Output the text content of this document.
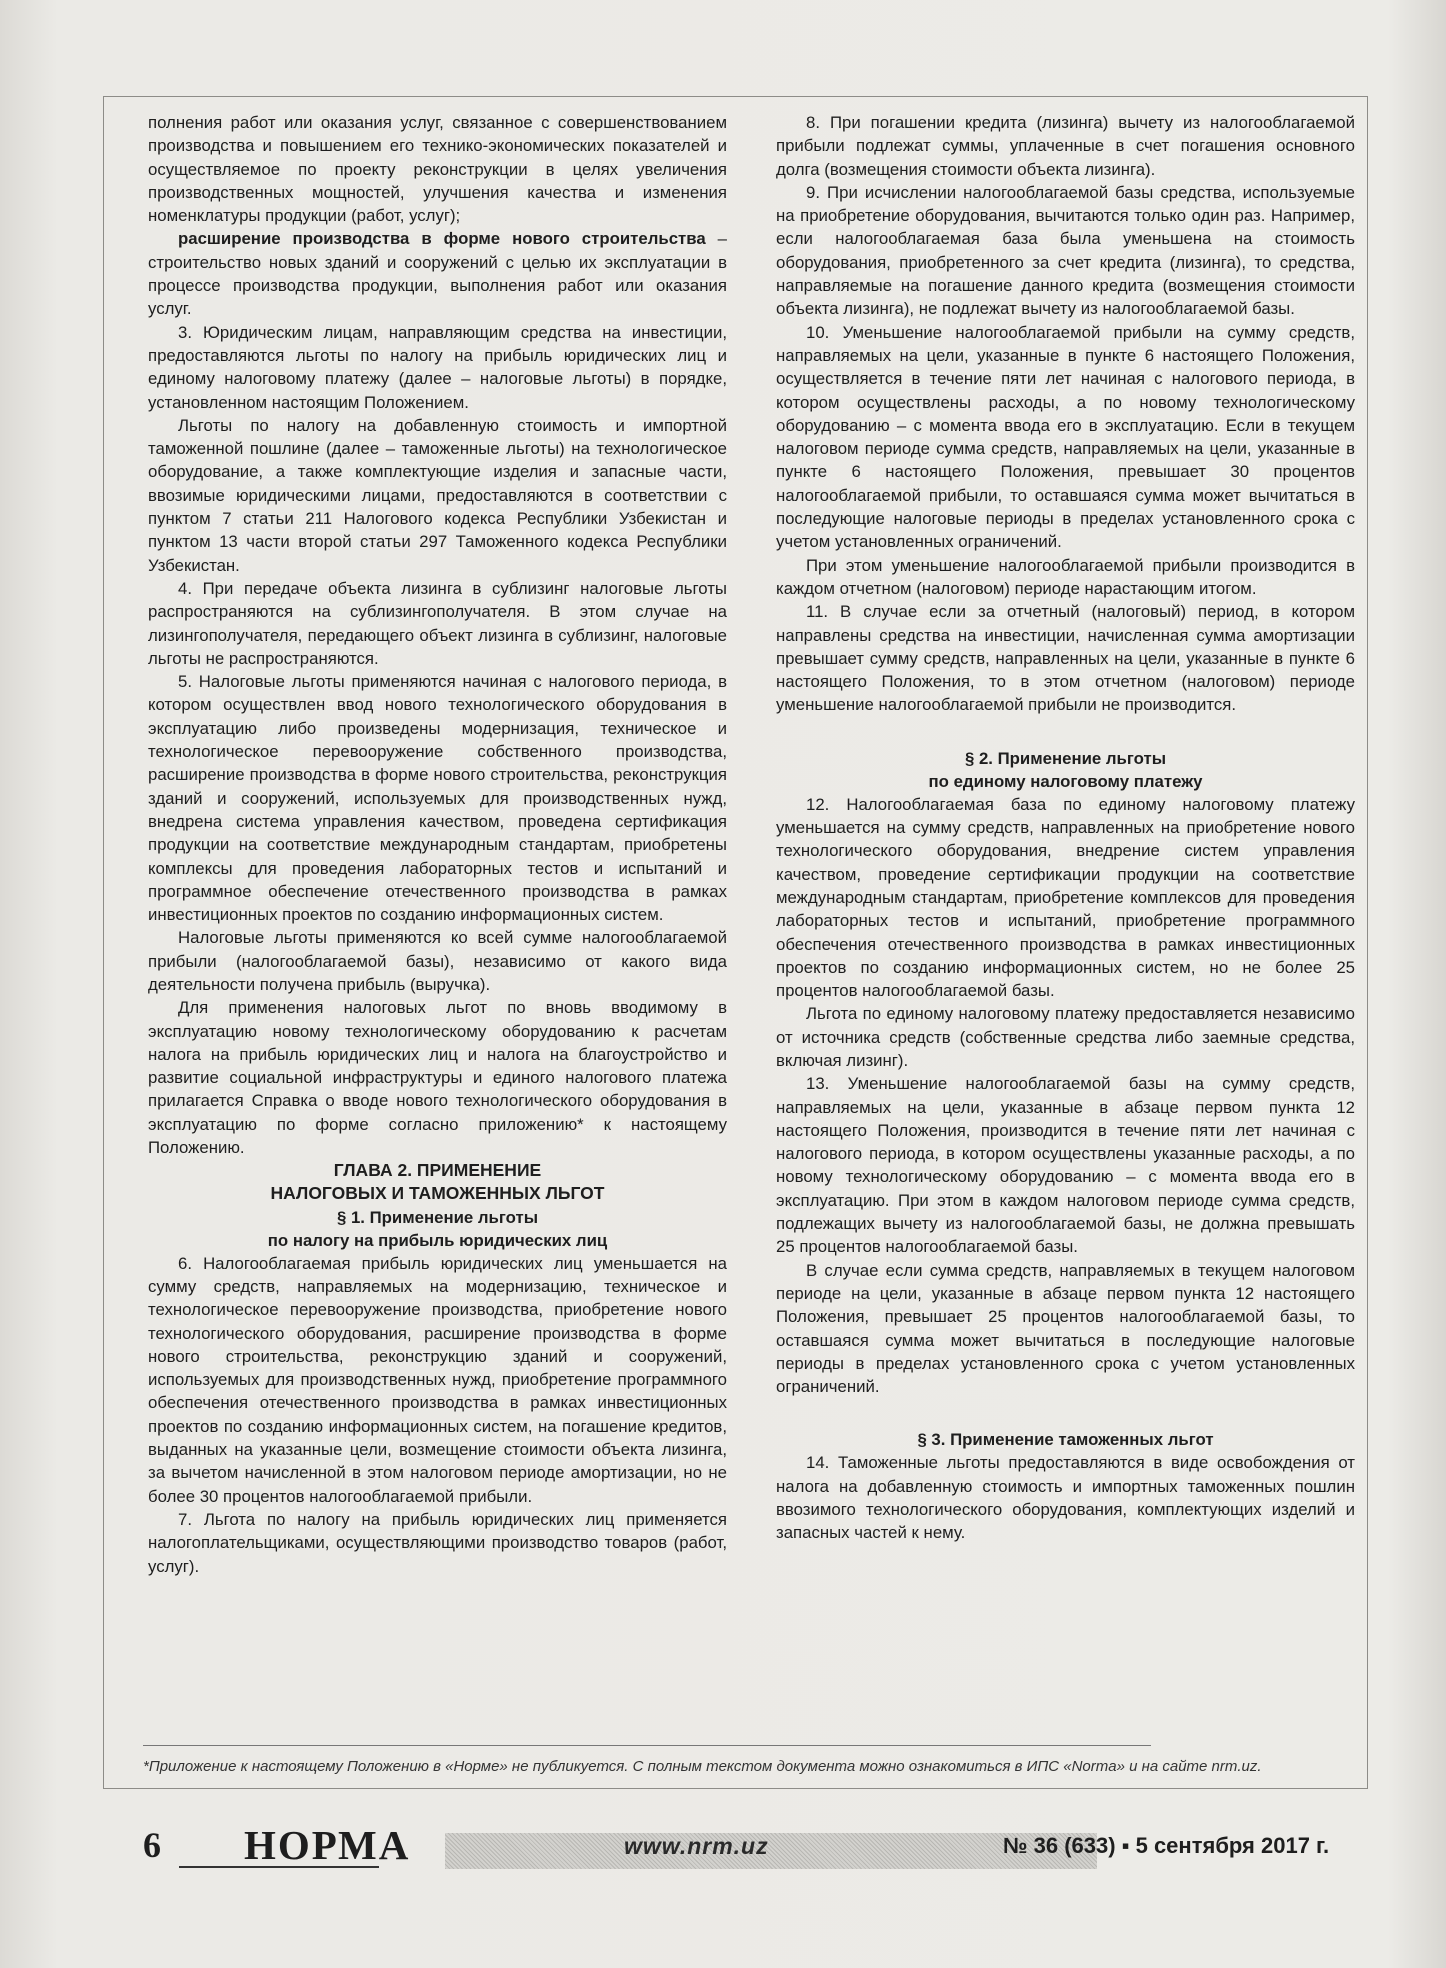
полнения работ или оказания услуг, связанное с совершенствованием производства и повышением его технико-экономических показателей и осуществляемое по проекту реконструкции в целях увеличения производственных мощностей, улучшения качества и изменения номенклатуры продукции (работ, услуг);

расширение производства в форме нового строительства – строительство новых зданий и сооружений с целью их эксплуатации в процессе производства продукции, выполнения работ или оказания услуг.

3. Юридическим лицам, направляющим средства на инвестиции, предоставляются льготы по налогу на прибыль юридических лиц и единому налоговому платежу (далее – налоговые льготы) в порядке, установленном настоящим Положением.

Льготы по налогу на добавленную стоимость и импортной таможенной пошлине (далее – таможенные льготы) на технологическое оборудование, а также комплектующие изделия и запасные части, ввозимые юридическими лицами, предоставляются в соответствии с пунктом 7 статьи 211 Налогового кодекса Республики Узбекистан и пунктом 13 части второй статьи 297 Таможенного кодекса Республики Узбекистан.

4. При передаче объекта лизинга в сублизинг налоговые льготы распространяются на сублизингополучателя. В этом случае на лизингополучателя, передающего объект лизинга в сублизинг, налоговые льготы не распространяются.

5. Налоговые льготы применяются начиная с налогового периода, в котором осуществлен ввод нового технологического оборудования в эксплуатацию либо произведены модернизация, техническое и технологическое перевооружение собственного производства, расширение производства в форме нового строительства, реконструкция зданий и сооружений, используемых для производственных нужд, внедрена система управления качеством, проведена сертификация продукции на соответствие международным стандартам, приобретены комплексы для проведения лабораторных тестов и испытаний и программное обеспечение отечественного производства в рамках инвестиционных проектов по созданию информационных систем.

Налоговые льготы применяются ко всей сумме налогооблагаемой прибыли (налогооблагаемой базы), независимо от какого вида деятельности получена прибыль (выручка).

Для применения налоговых льгот по вновь вводимому в эксплуатацию новому технологическому оборудованию к расчетам налога на прибыль юридических лиц и налога на благоустройство и развитие социальной инфраструктуры и единого налогового платежа прилагается Справка о вводе нового технологического оборудования в эксплуатацию по форме согласно приложению* к настоящему Положению.

ГЛАВА 2. ПРИМЕНЕНИЕ

НАЛОГОВЫХ И ТАМОЖЕННЫХ ЛЬГОТ

§ 1. Применение льготы

по налогу на прибыль юридических лиц

6. Налогооблагаемая прибыль юридических лиц уменьшается на сумму средств, направляемых на модернизацию, техническое и технологическое перевооружение производства, приобретение нового технологического оборудования, расширение производства в форме нового строительства, реконструкцию зданий и сооружений, используемых для производственных нужд, приобретение программного обеспечения отечественного производства в рамках инвестиционных проектов по созданию информационных систем, на погашение кредитов, выданных на указанные цели, возмещение стоимости объекта лизинга, за вычетом начисленной в этом налоговом периоде амортизации, но не более 30 процентов налогооблагаемой прибыли.

7. Льгота по налогу на прибыль юридических лиц применяется налогоплательщиками, осуществляющими производство товаров (работ, услуг).

8. При погашении кредита (лизинга) вычету из налогооблагаемой прибыли подлежат суммы, уплаченные в счет погашения основного долга (возмещения стоимости объекта лизинга).

9. При исчислении налогооблагаемой базы средства, используемые на приобретение оборудования, вычитаются только один раз. Например, если налогооблагаемая база была уменьшена на стоимость оборудования, приобретенного за счет кредита (лизинга), то средства, направляемые на погашение данного кредита (возмещения стоимости объекта лизинга), не подлежат вычету из налогооблагаемой базы.

10. Уменьшение налогооблагаемой прибыли на сумму средств, направляемых на цели, указанные в пункте 6 настоящего Положения, осуществляется в течение пяти лет начиная с налогового периода, в котором осуществлены расходы, а по новому технологическому оборудованию – с момента ввода его в эксплуатацию. Если в текущем налоговом периоде сумма средств, направляемых на цели, указанные в пункте 6 настоящего Положения, превышает 30 процентов налогооблагаемой прибыли, то оставшаяся сумма может вычитаться в последующие налоговые периоды в пределах установленного срока с учетом установленных ограничений.

При этом уменьшение налогооблагаемой прибыли производится в каждом отчетном (налоговом) периоде нарастающим итогом.

11. В случае если за отчетный (налоговый) период, в котором направлены средства на инвестиции, начисленная сумма амортизации превышает сумму средств, направленных на цели, указанные в пункте 6 настоящего Положения, то в этом отчетном (налоговом) периоде уменьшение налогооблагаемой прибыли не производится.

§ 2. Применение льготы

по единому налоговому платежу

12. Налогооблагаемая база по единому налоговому платежу уменьшается на сумму средств, направленных на приобретение нового технологического оборудования, внедрение систем управления качеством, проведение сертификации продукции на соответствие международным стандартам, приобретение комплексов для проведения лабораторных тестов и испытаний, приобретение программного обеспечения отечественного производства в рамках инвестиционных проектов по созданию информационных систем, но не более 25 процентов налогооблагаемой базы.

Льгота по единому налоговому платежу предоставляется независимо от источника средств (собственные средства либо заемные средства, включая лизинг).

13. Уменьшение налогооблагаемой базы на сумму средств, направляемых на цели, указанные в абзаце первом пункта 12 настоящего Положения, производится в течение пяти лет начиная с налогового периода, в котором осуществлены указанные расходы, а по новому технологическому оборудованию – с момента ввода его в эксплуатацию. При этом в каждом налоговом периоде сумма средств, подлежащих вычету из налогооблагаемой базы, не должна превышать 25 процентов налогооблагаемой базы.

В случае если сумма средств, направляемых в текущем налоговом периоде на цели, указанные в абзаце первом пункта 12 настоящего Положения, превышает 25 процентов налогооблагаемой базы, то оставшаяся сумма может вычитаться в последующие налоговые периоды в пределах установленного срока с учетом установленных ограничений.

§ 3. Применение таможенных льгот

14. Таможенные льготы предоставляются в виде освобождения от налога на добавленную стоимость и импортных таможенных пошлин ввозимого технологического оборудования, комплектующих изделий и запасных частей к нему.

*Приложение к настоящему Положению в «Норме» не публикуется. С полным текстом документа можно ознакомиться в ИПС «Norma» и на сайте nrm.uz.
6 НОРМА	www.nrm.uz	№ 36 (633) ▪ 5 сентября 2017 г.
